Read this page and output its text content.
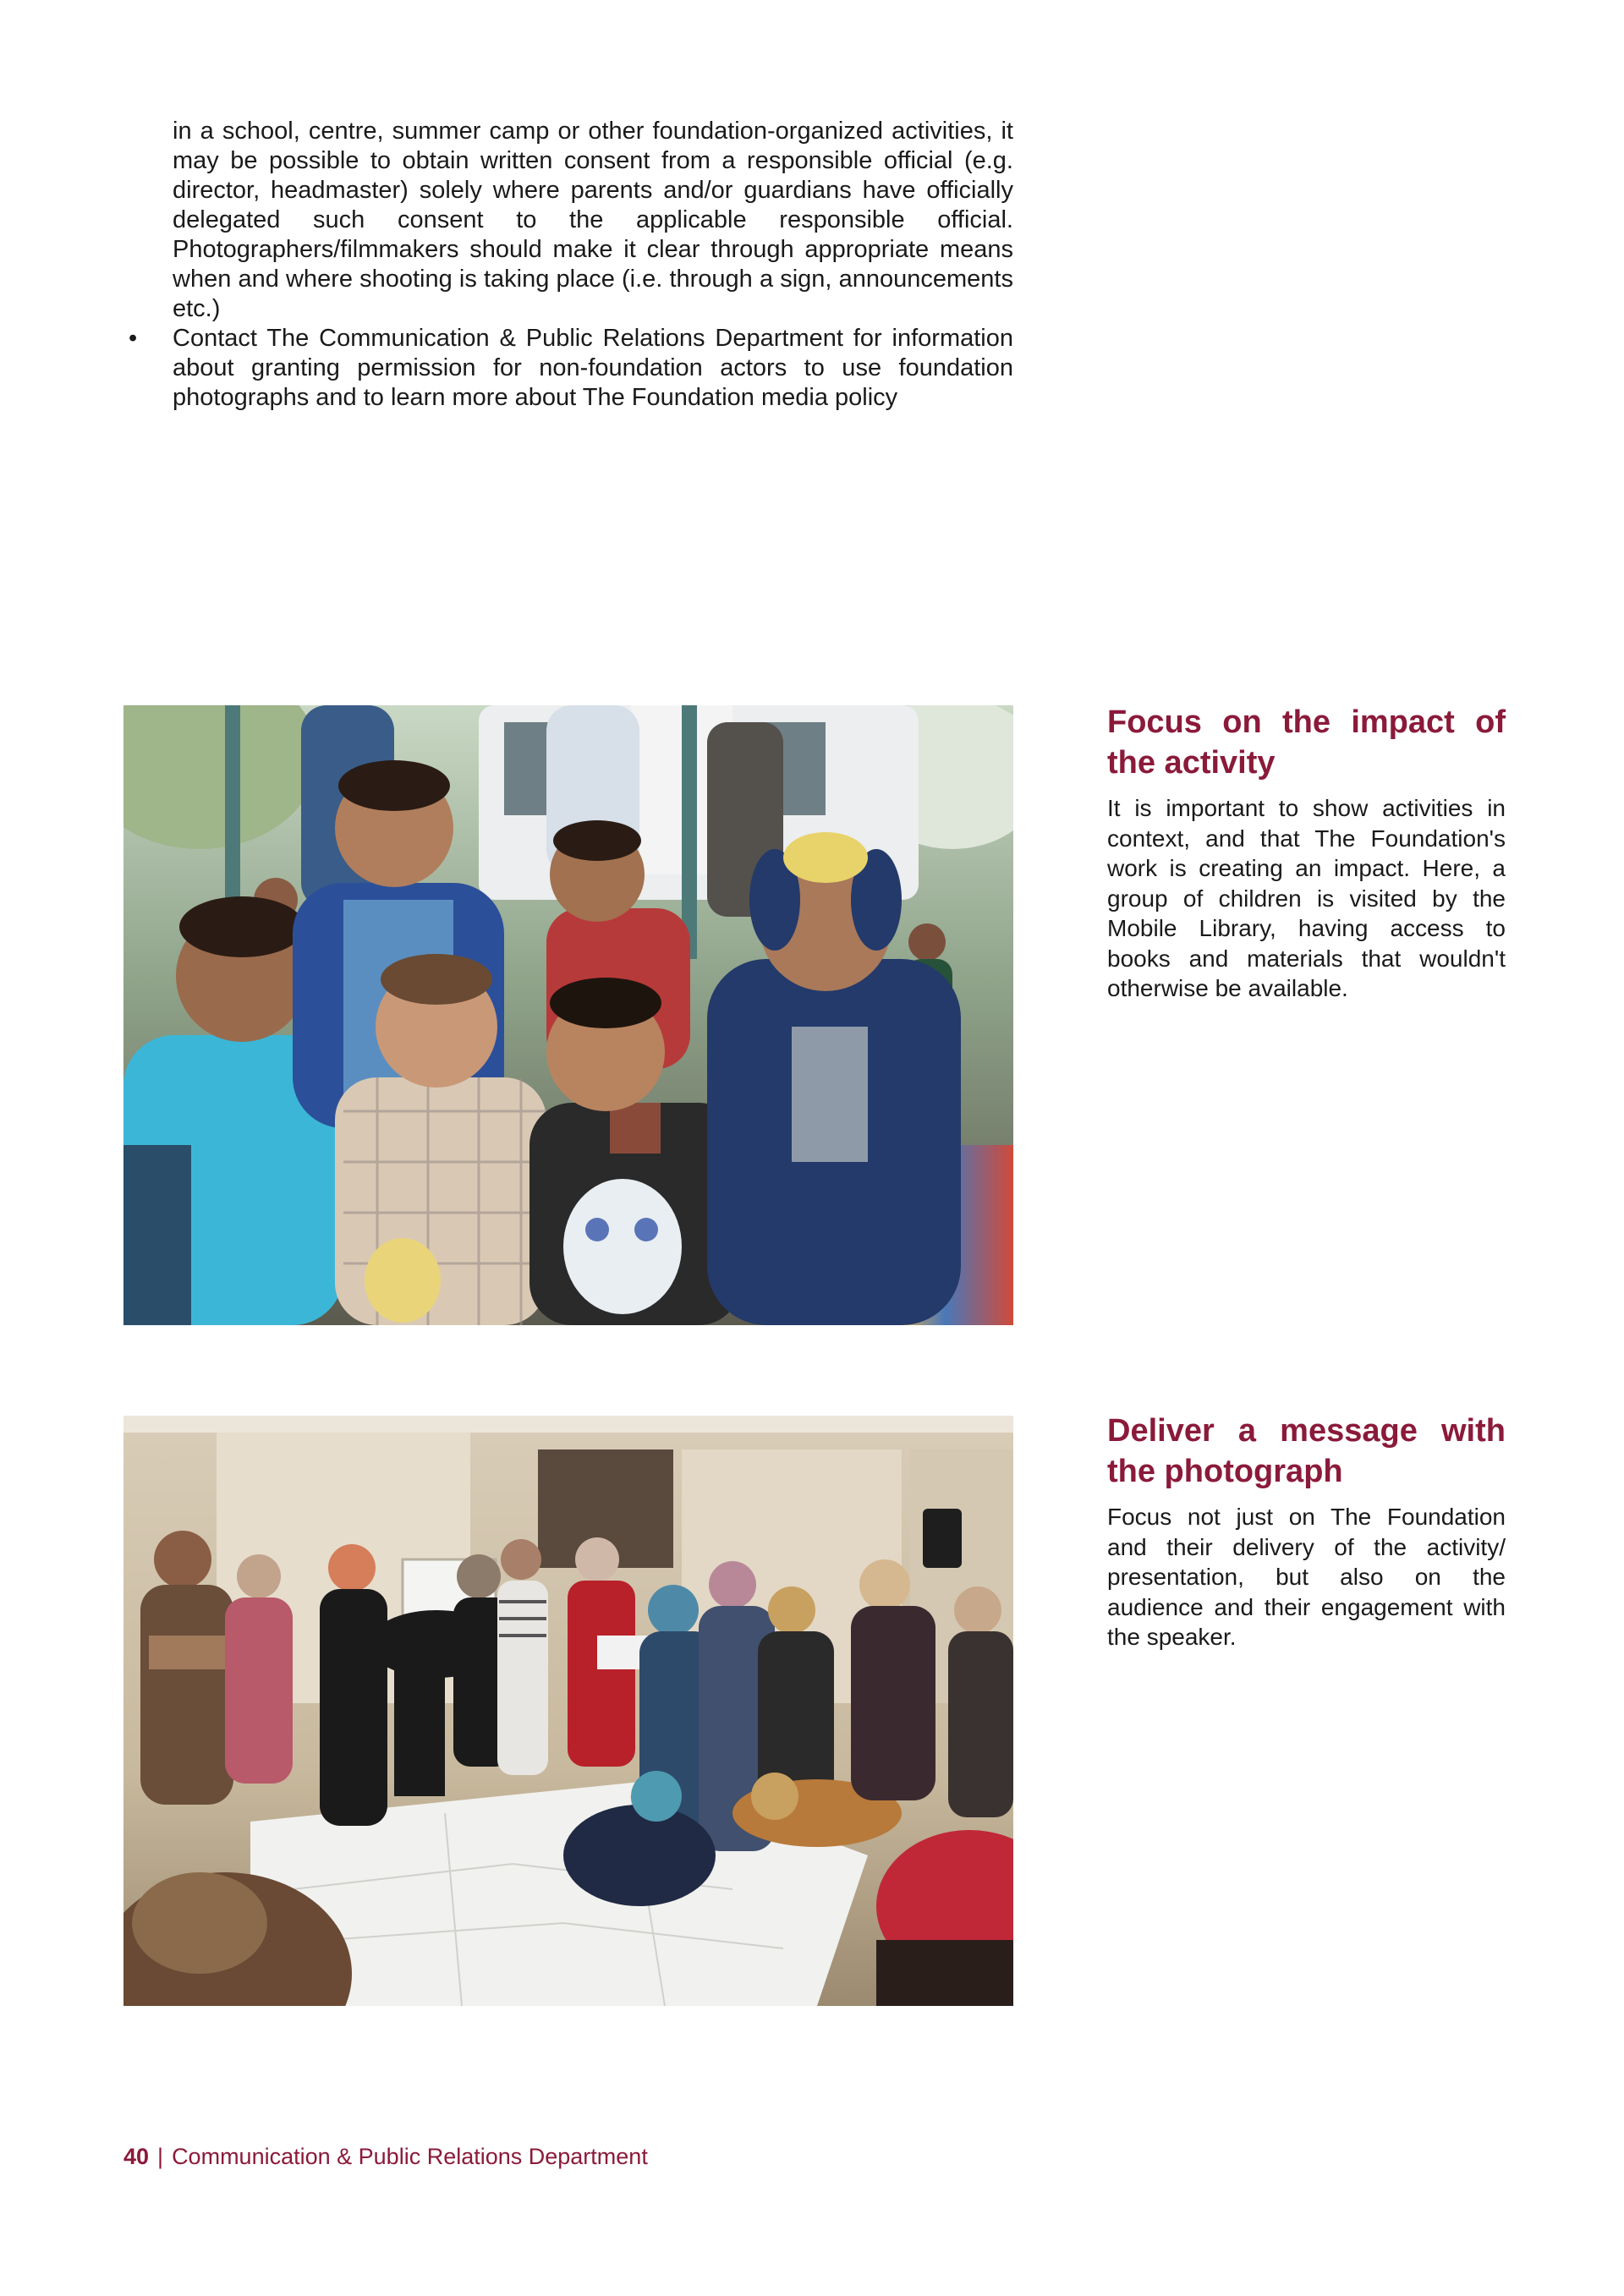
in a school, centre, summer camp or other foundation-organized activities, it may be possible to obtain written consent from a responsible official (e.g. director, headmaster) solely where parents and/or guardians have officially delegated such consent to the applicable responsible official. Photographers/filmmakers should make it clear through appropriate means when and where shooting is taking place (i.e. through a sign, announcements etc.)

• Contact The Communication & Public Relations Department for information about granting permission for non-foundation actors to use foundation photographs and to learn more about The Foundation media policy
Focus on the impact of the activity

It is important to show activities in context, and that The Foundation's work is creating an impact. Here, a group of children is visited by the Mobile Library, having access to books and materials that wouldn't otherwise be available.

Deliver a message with the photograph

Focus not just on The Foundation and their delivery of the activity/ presentation, but also on the audience and their engagement with the speaker.

40 | Communication & Public Relations Department
